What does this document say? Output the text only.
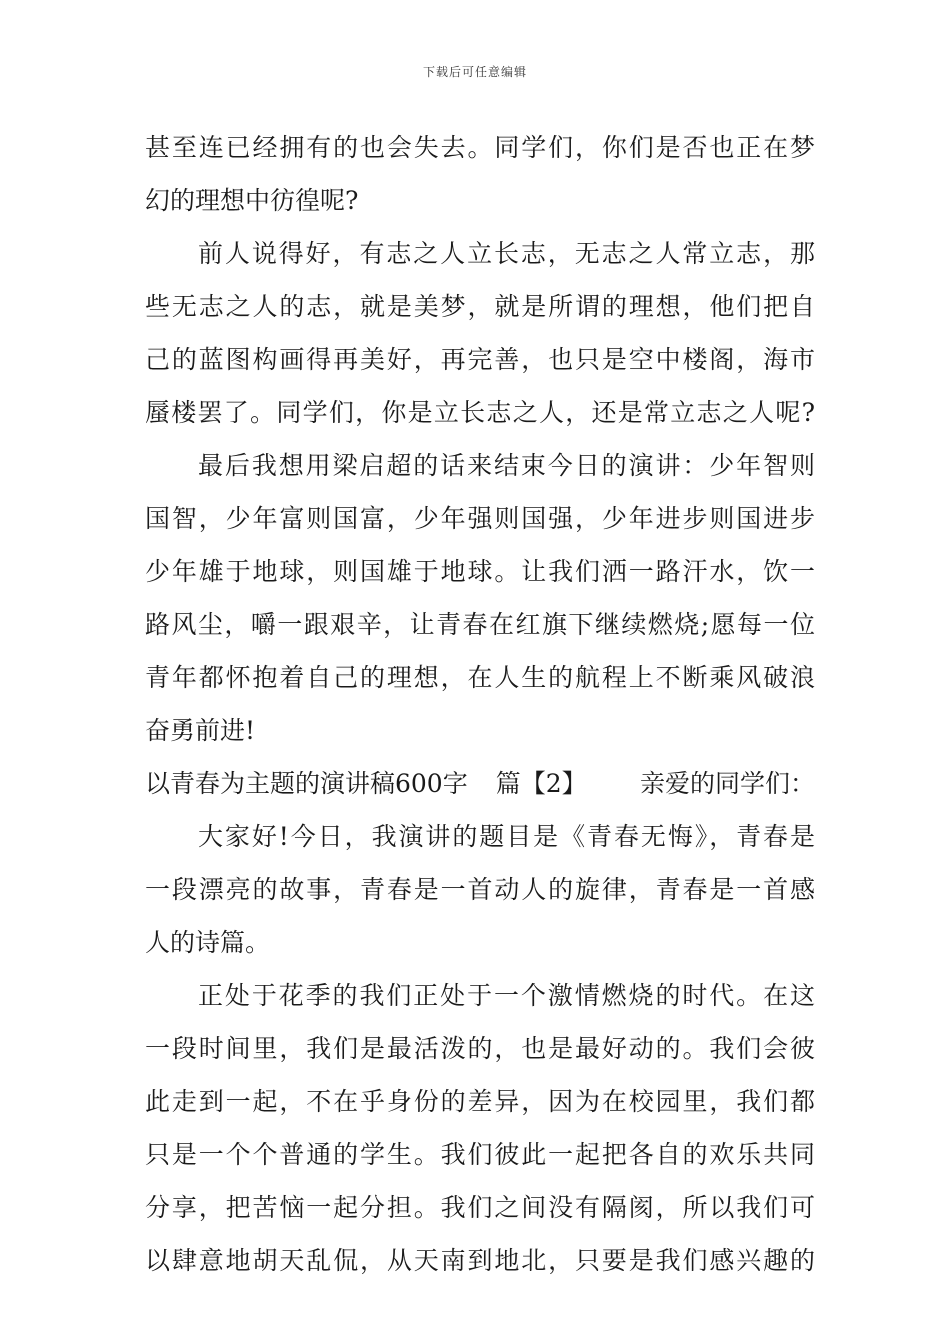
下载后可任意编辑
甚至连已经拥有的也会失去。同学们，你们是否也正在梦
幻的理想中彷徨呢?
前人说得好，有志之人立长志，无志之人常立志，那
些无志之人的志，就是美梦，就是所谓的理想，他们把自
己的蓝图构画得再美好，再完善，也只是空中楼阁，海市
蜃楼罢了。同学们，你是立长志之人，还是常立志之人呢?
最后我想用梁启超的话来结束今日的演讲：少年智则
国智，少年富则国富，少年强则国强，少年进步则国进步
少年雄于地球，则国雄于地球。让我们洒一路汗水，饮一
路风尘，嚼一跟艰辛，让青春在红旗下继续燃烧;愿每一位
青年都怀抱着自己的理想，在人生的航程上不断乘风破浪
奋勇前进!
以青春为主题的演讲稿600字 篇【2】 亲爱的同学们：
大家好!今日，我演讲的题目是《青春无悔》，青春是
一段漂亮的故事，青春是一首动人的旋律，青春是一首感
人的诗篇。
正处于花季的我们正处于一个激情燃烧的时代。在这
一段时间里，我们是最活泼的，也是最好动的。我们会彼
此走到一起，不在乎身份的差异，因为在校园里，我们都
只是一个个普通的学生。我们彼此一起把各自的欢乐共同
分享，把苦恼一起分担。我们之间没有隔阂，所以我们可
以肆意地胡天乱侃，从天南到地北，只要是我们感兴趣的
